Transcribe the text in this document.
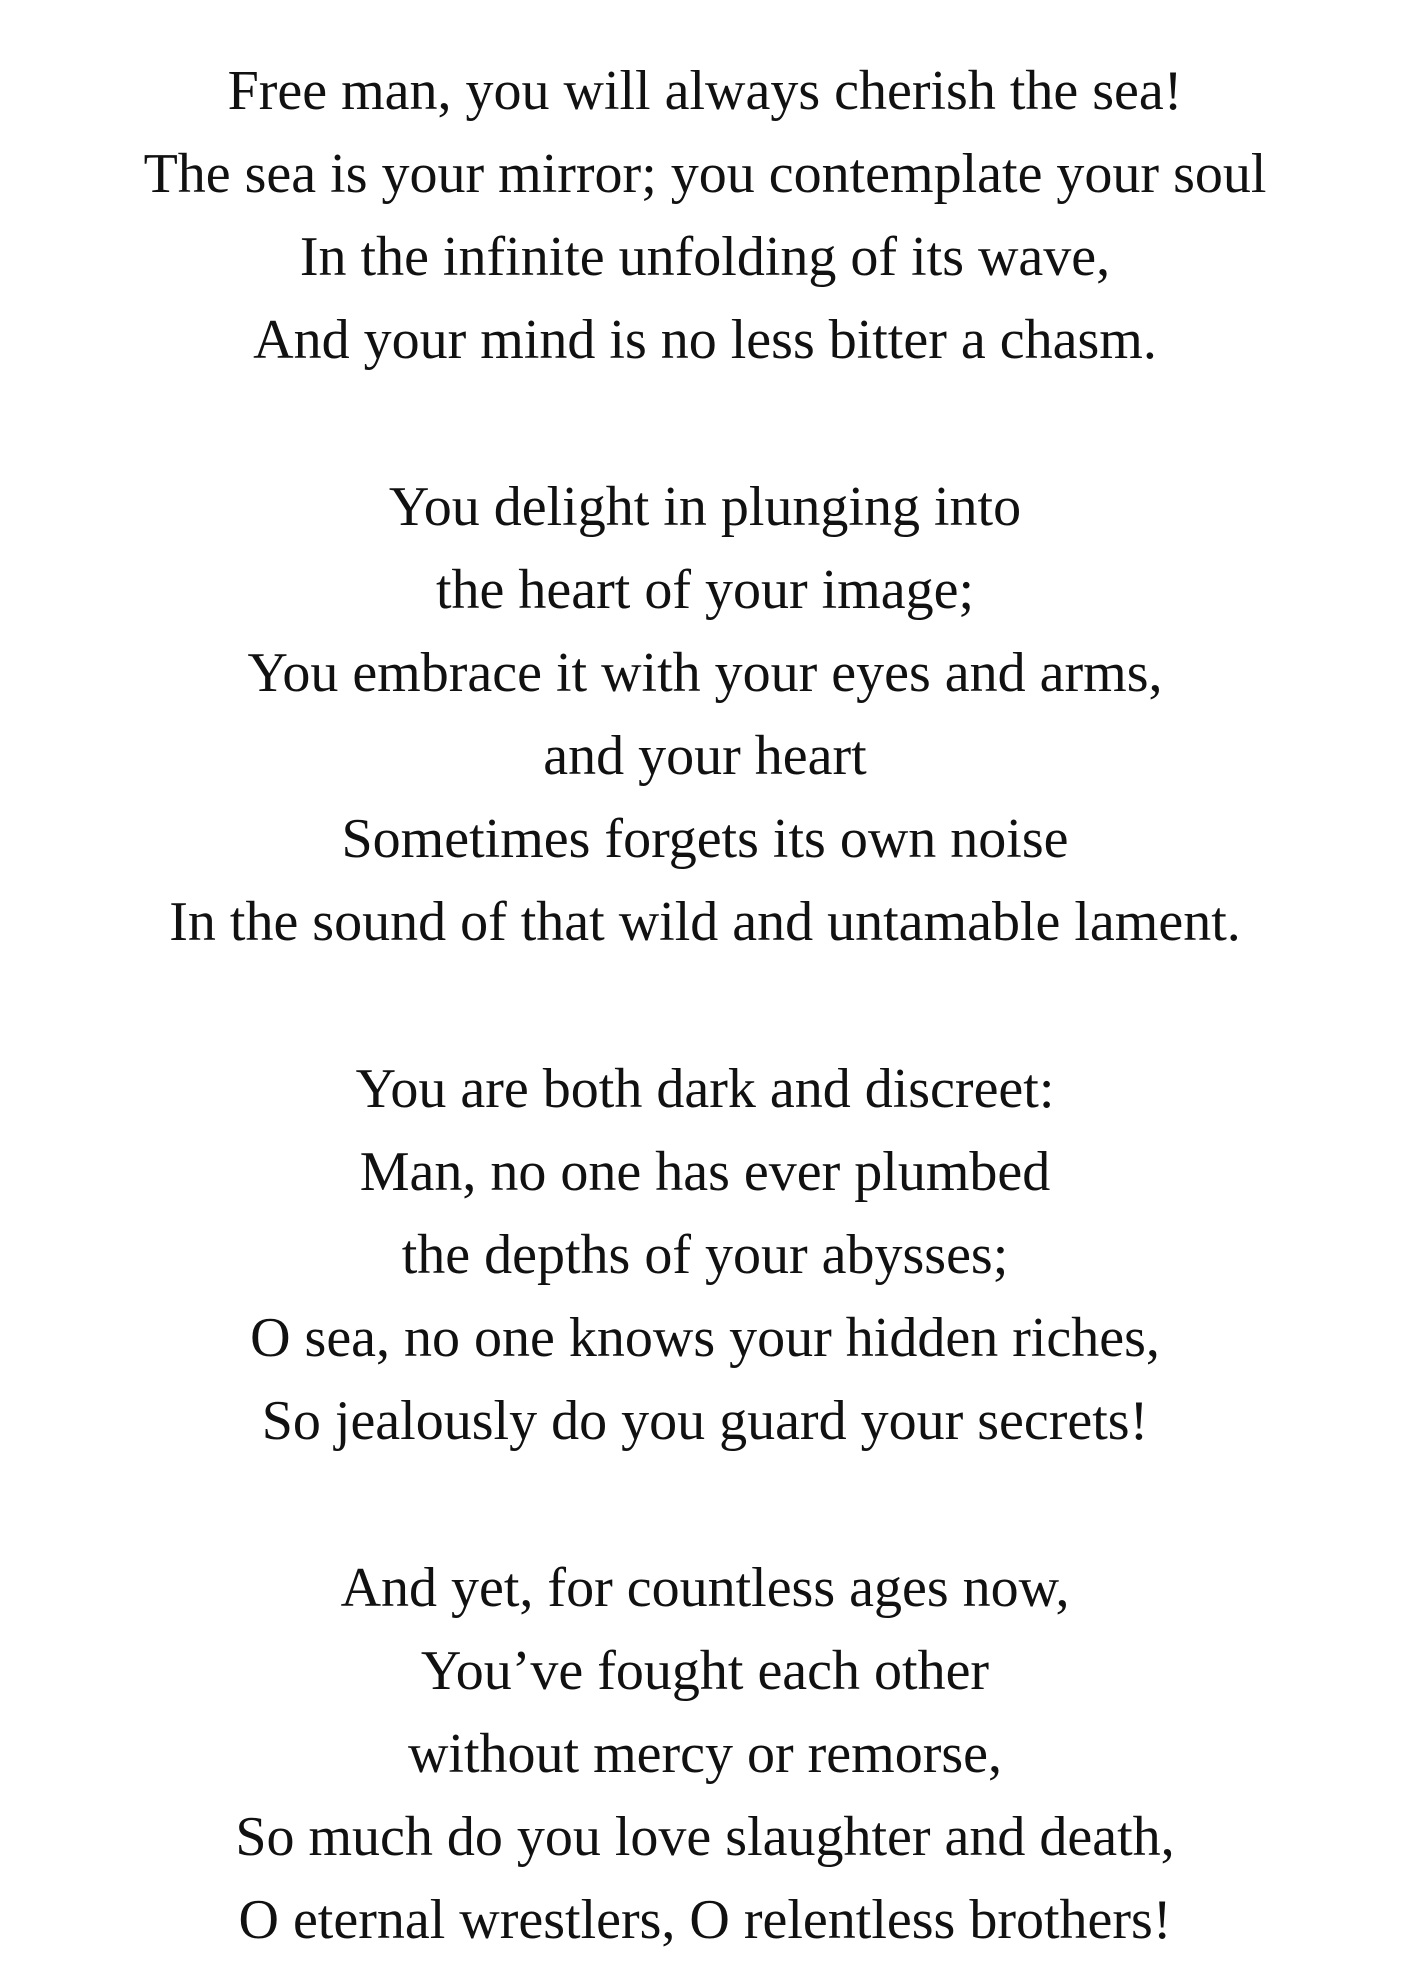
Free man, you will always cherish the sea!
The sea is your mirror; you contemplate your soul
In the infinite unfolding of its wave,
And your mind is no less bitter a chasm.
You delight in plunging into
the heart of your image;
You embrace it with your eyes and arms,
and your heart
Sometimes forgets its own noise
In the sound of that wild and untamable lament.
You are both dark and discreet:
Man, no one has ever plumbed
the depths of your abysses;
O sea, no one knows your hidden riches,
So jealously do you guard your secrets!
And yet, for countless ages now,
You’ve fought each other
without mercy or remorse,
So much do you love slaughter and death,
O eternal wrestlers, O relentless brothers!
